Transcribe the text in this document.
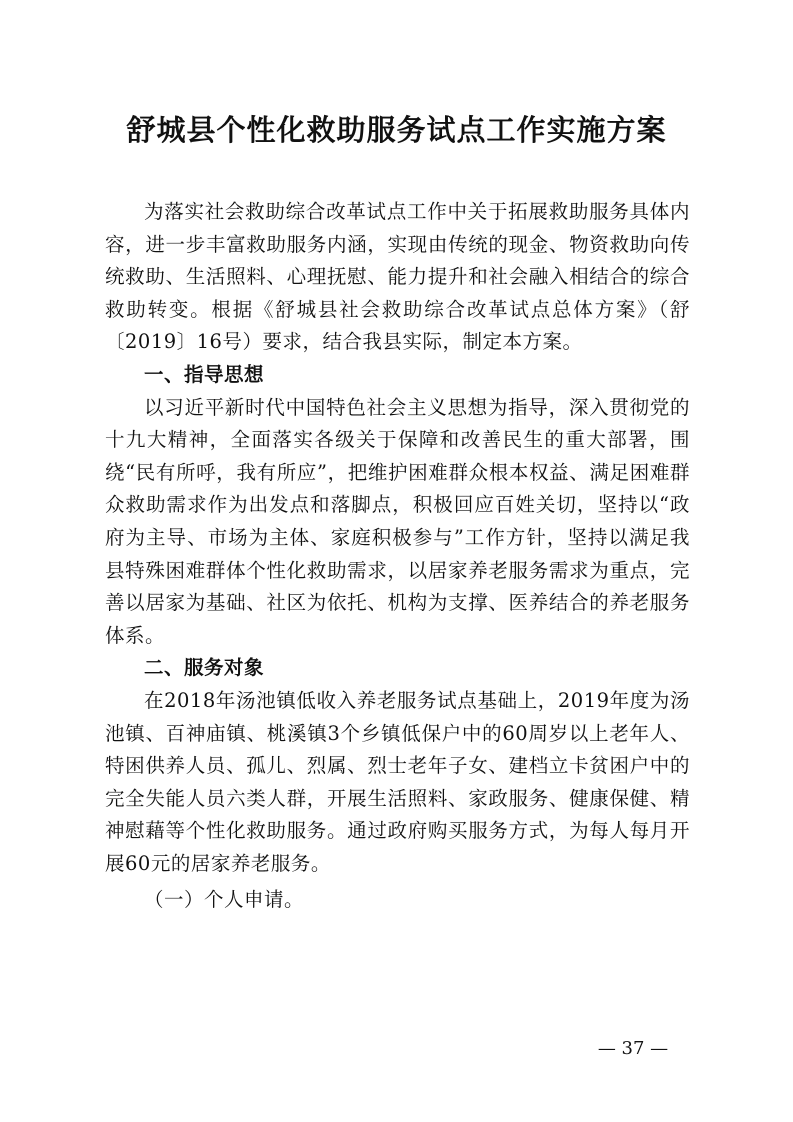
舒城县个性化救助服务试点工作实施方案

为落实社会救助综合改革试点工作中关于拓展救助服务具体内容，进一步丰富救助服务内涵，实现由传统的现金、物资救助向传统救助、生活照料、心理抚慰、能力提升和社会融入相结合的综合救助转变。根据《舒城县社会救助综合改革试点总体方案》（舒〔2019〕16号）要求，结合我县实际，制定本方案。

一、指导思想

以习近平新时代中国特色社会主义思想为指导，深入贯彻党的十九大精神，全面落实各级关于保障和改善民生的重大部署，围绕“民有所呼，我有所应”，把维护困难群众根本权益、满足困难群众救助需求作为出发点和落脚点，积极回应百姓关切，坚持以“政府为主导、市场为主体、家庭积极参与”工作方针，坚持以满足我县特殊困难群体个性化救助需求，以居家养老服务需求为重点，完善以居家为基础、社区为依托、机构为支撑、医养结合的养老服务体系。

二、服务对象

在2018年汤池镇低收入养老服务试点基础上，2019年度为汤池镇、百神庙镇、桃溪镇3个乡镇低保户中的60周岁以上老年人、特困供养人员、孤儿、烈属、烈士老年子女、建档立卡贫困户中的完全失能人员六类人群，开展生活照料、家政服务、健康保健、精神慰藉等个性化救助服务。通过政府购买服务方式，为每人每月开展60元的居家养老服务。

（一）个人申请。

— 37 —
